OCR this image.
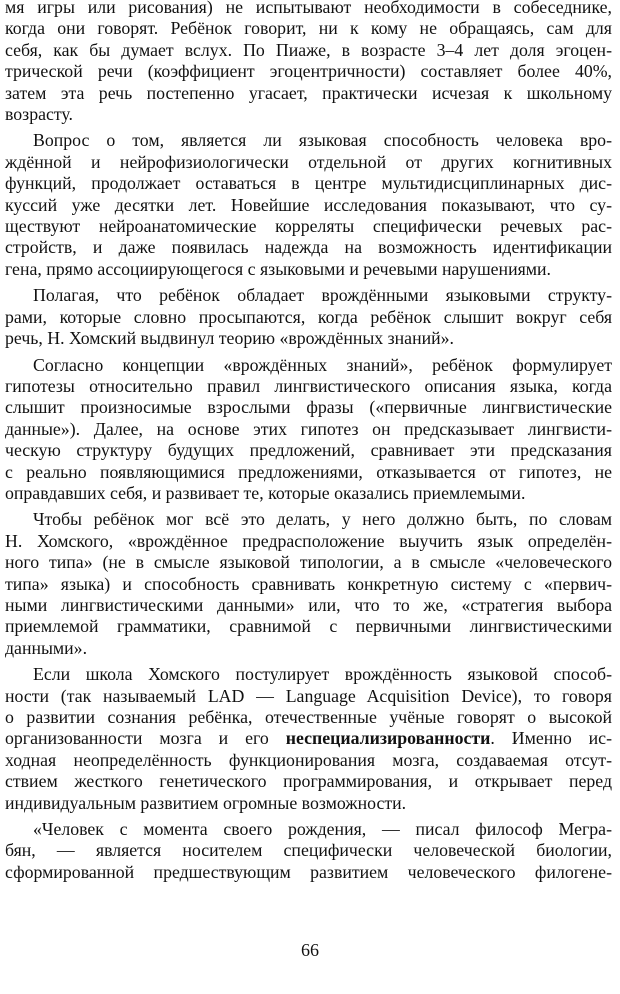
мя игры или рисования) не испытывают необходимости в собеседнике,
когда они говорят. Ребёнок говорит, ни к кому не обращаясь, сам для
себя, как бы думает вслух. По Пиаже, в возрасте 3–4 лет доля эгоцен-
трической речи (коэффициент эгоцентричности) составляет более 40%,
затем эта речь постепенно угасает, практически исчезая к школьному
возрасту.
Вопрос о том, является ли языковая способность человека вро-
ждённой и нейрофизиологически отдельной от других когнитивных
функций, продолжает оставаться в центре мультидисциплинарных дис-
куссий уже десятки лет. Новейшие исследования показывают, что су-
ществуют нейроанатомические корреляты специфически речевых рас-
стройств, и даже появилась надежда на возможность идентификации
гена, прямо ассоциирующегося с языковыми и речевыми нарушениями.
Полагая, что ребёнок обладает врождёнными языковыми структу-
рами, которые словно просыпаются, когда ребёнок слышит вокруг себя
речь, Н. Хомский выдвинул теорию «врождённых знаний».
Согласно концепции «врождённых знаний», ребёнок формулирует
гипотезы относительно правил лингвистического описания языка, когда
слышит произносимые взрослыми фразы («первичные лингвистические
данные»). Далее, на основе этих гипотез он предсказывает лингвисти-
ческую структуру будущих предложений, сравнивает эти предсказания
с реально появляющимися предложениями, отказывается от гипотез, не
оправдавших себя, и развивает те, которые оказались приемлемыми.
Чтобы ребёнок мог всё это делать, у него должно быть, по словам
Н. Хомского, «врождённое предрасположение выучить язык определён-
ного типа» (не в смысле языковой типологии, а в смысле «человеческого
типа» языка) и способность сравнивать конкретную систему с «первич-
ными лингвистическими данными» или, что то же, «стратегия выбора
приемлемой грамматики, сравнимой с первичными лингвистическими
данными».
Если школа Хомского постулирует врождённость языковой способ-
ности (так называемый LAD — Language Acquisition Device), то говоря
о развитии сознания ребёнка, отечественные учёные говорят о высокой
организованности мозга и его неспециализированности. Именно ис-
ходная неопределённость функционирования мозга, создаваемая отсут-
ствием жесткого генетического программирования, и открывает перед
индивидуальным развитием огромные возможности.
«Человек с момента своего рождения, — писал философ Мегра-
бян, — является носителем специфически человеческой биологии,
сформированной предшествующим развитием человеческого филогене-
66
